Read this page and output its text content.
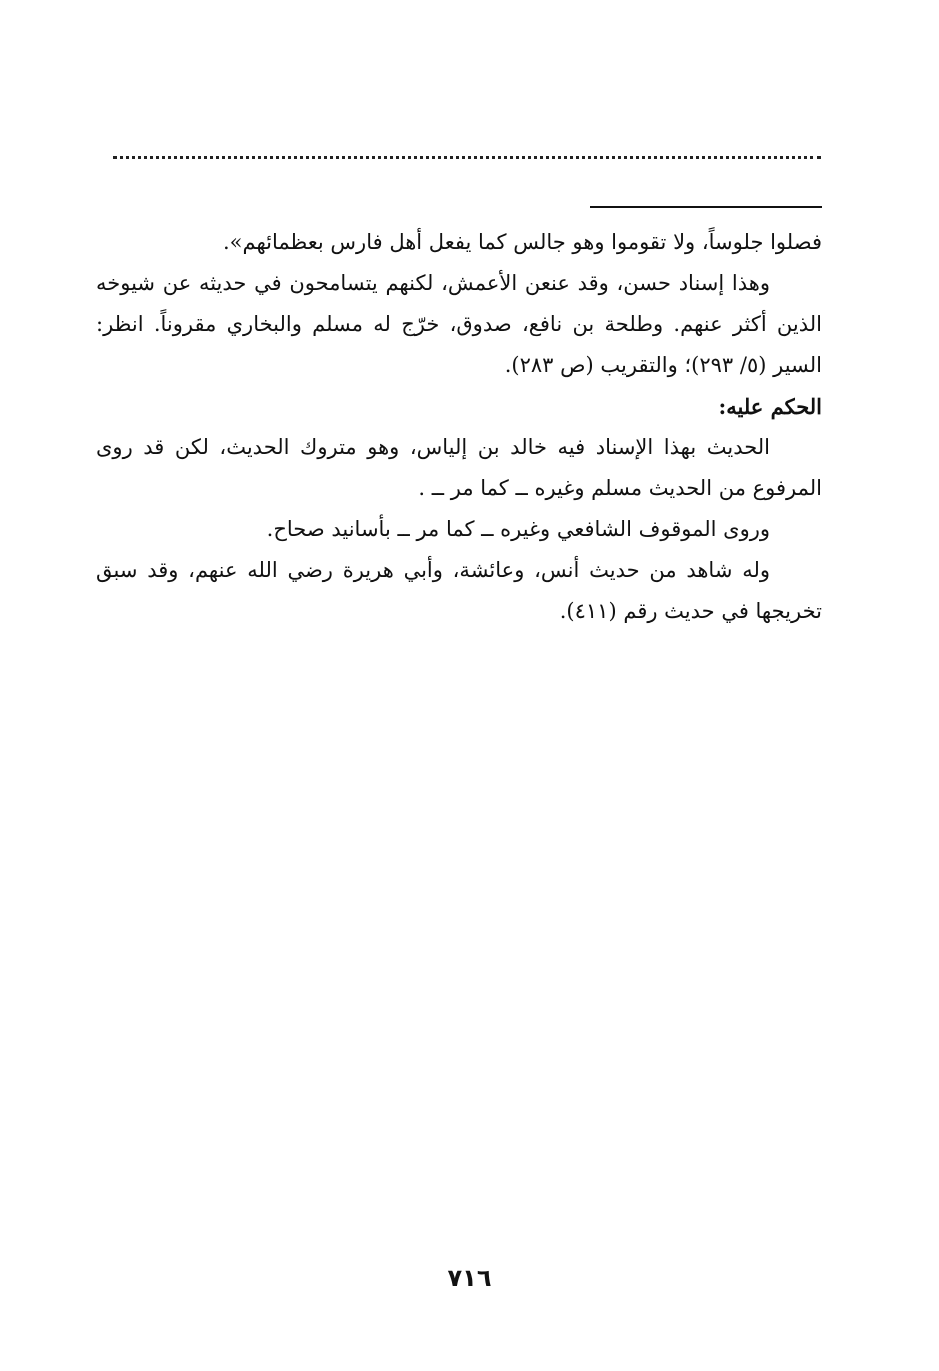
فصلوا جلوساً، ولا تقوموا وهو جالس كما يفعل أهل فارس بعظمائهم».

وهذا إسناد حسن، وقد عنعن الأعمش، لكنهم يتسامحون في حديثه عن شيوخه الذين أكثر عنهم. وطلحة بن نافع، صدوق، خرّج له مسلم والبخاري مقروناً. انظر: السير (٥/ ٢٩٣)؛ والتقريب (ص ٢٨٣).

الحكم عليه:

الحديث بهذا الإسناد فيه خالد بن إلياس، وهو متروك الحديث، لكن قد روى المرفوع من الحديث مسلم وغيره ــ كما مر ــ .

وروى الموقوف الشافعي وغيره ــ كما مر ــ بأسانيد صحاح.

وله شاهد من حديث أنس، وعائشة، وأبي هريرة رضي الله عنهم، وقد سبق تخريجها في حديث رقم (٤١١).

٧١٦
